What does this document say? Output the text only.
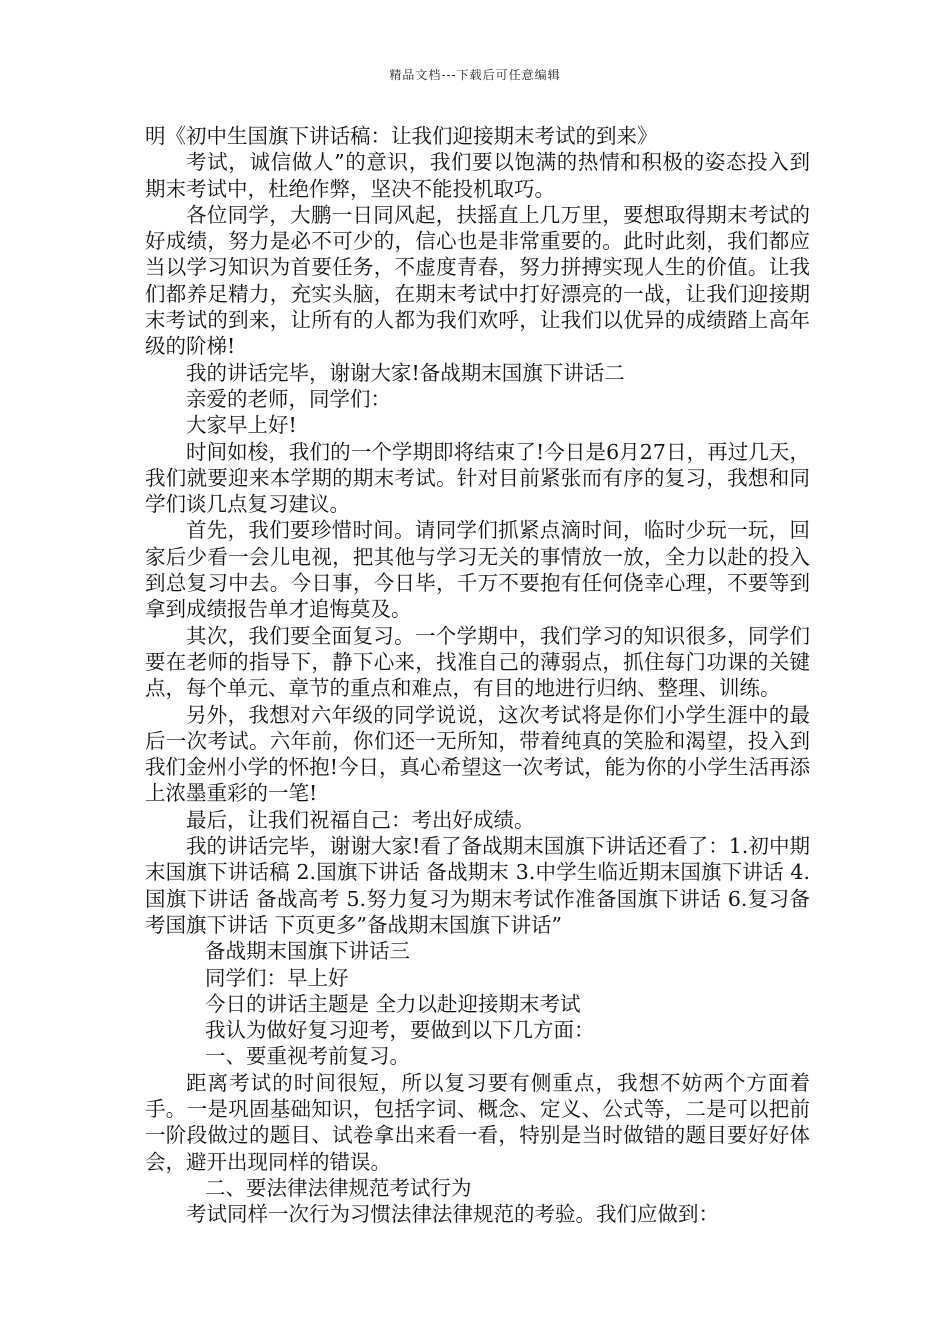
精品文档---下载后可任意编辑

明《初中生国旗下讲话稿：让我们迎接期末考试的到来》

考试，诚信做人”的意识，我们要以饱满的热情和积极的姿态投入到期末考试中，杜绝作弊，坚决不能投机取巧。

各位同学，大鹏一日同风起，扶摇直上几万里，要想取得期末考试的好成绩，努力是必不可少的，信心也是非常重要的。此时此刻，我们都应当以学习知识为首要任务，不虚度青春，努力拼搏实现人生的价值。让我们都养足精力，充实头脑，在期末考试中打好漂亮的一战，让我们迎接期末考试的到来，让所有的人都为我们欢呼，让我们以优异的成绩踏上高年级的阶梯!

我的讲话完毕，谢谢大家!备战期末国旗下讲话二

亲爱的老师，同学们：

大家早上好!

时间如梭，我们的一个学期即将结束了!今日是6月27日，再过几天，我们就要迎来本学期的期末考试。针对目前紧张而有序的复习，我想和同学们谈几点复习建议。

首先，我们要珍惜时间。请同学们抓紧点滴时间，临时少玩一玩，回家后少看一会儿电视，把其他与学习无关的事情放一放，全力以赴的投入到总复习中去。今日事，今日毕，千万不要抱有任何侥幸心理，不要等到拿到成绩报告单才追悔莫及。

其次，我们要全面复习。一个学期中，我们学习的知识很多，同学们要在老师的指导下，静下心来，找准自己的薄弱点，抓住每门功课的关键点，每个单元、章节的重点和难点，有目的地进行归纳、整理、训练。

另外，我想对六年级的同学说说，这次考试将是你们小学生涯中的最后一次考试。六年前，你们还一无所知，带着纯真的笑脸和渴望，投入到我们金州小学的怀抱!今日，真心希望这一次考试，能为你的小学生活再添上浓墨重彩的一笔!

最后，让我们祝福自己：考出好成绩。

我的讲话完毕，谢谢大家!看了备战期末国旗下讲话还看了：1.初中期末国旗下讲话稿 2.国旗下讲话 备战期末 3.中学生临近期末国旗下讲话 4.国旗下讲话 备战高考 5.努力复习为期末考试作准备国旗下讲话 6.复习备考国旗下讲话 下页更多”备战期末国旗下讲话”

备战期末国旗下讲话三

同学们：早上好

今日的讲话主题是 全力以赴迎接期末考试

我认为做好复习迎考，要做到以下几方面：

一、要重视考前复习。

距离考试的时间很短，所以复习要有侧重点，我想不妨两个方面着手。一是巩固基础知识，包括字词、概念、定义、公式等，二是可以把前一阶段做过的题目、试卷拿出来看一看，特别是当时做错的题目要好好体会，避开出现同样的错误。

二、要法律法律规范考试行为

考试同样一次行为习惯法律法律规范的考验。我们应做到：
